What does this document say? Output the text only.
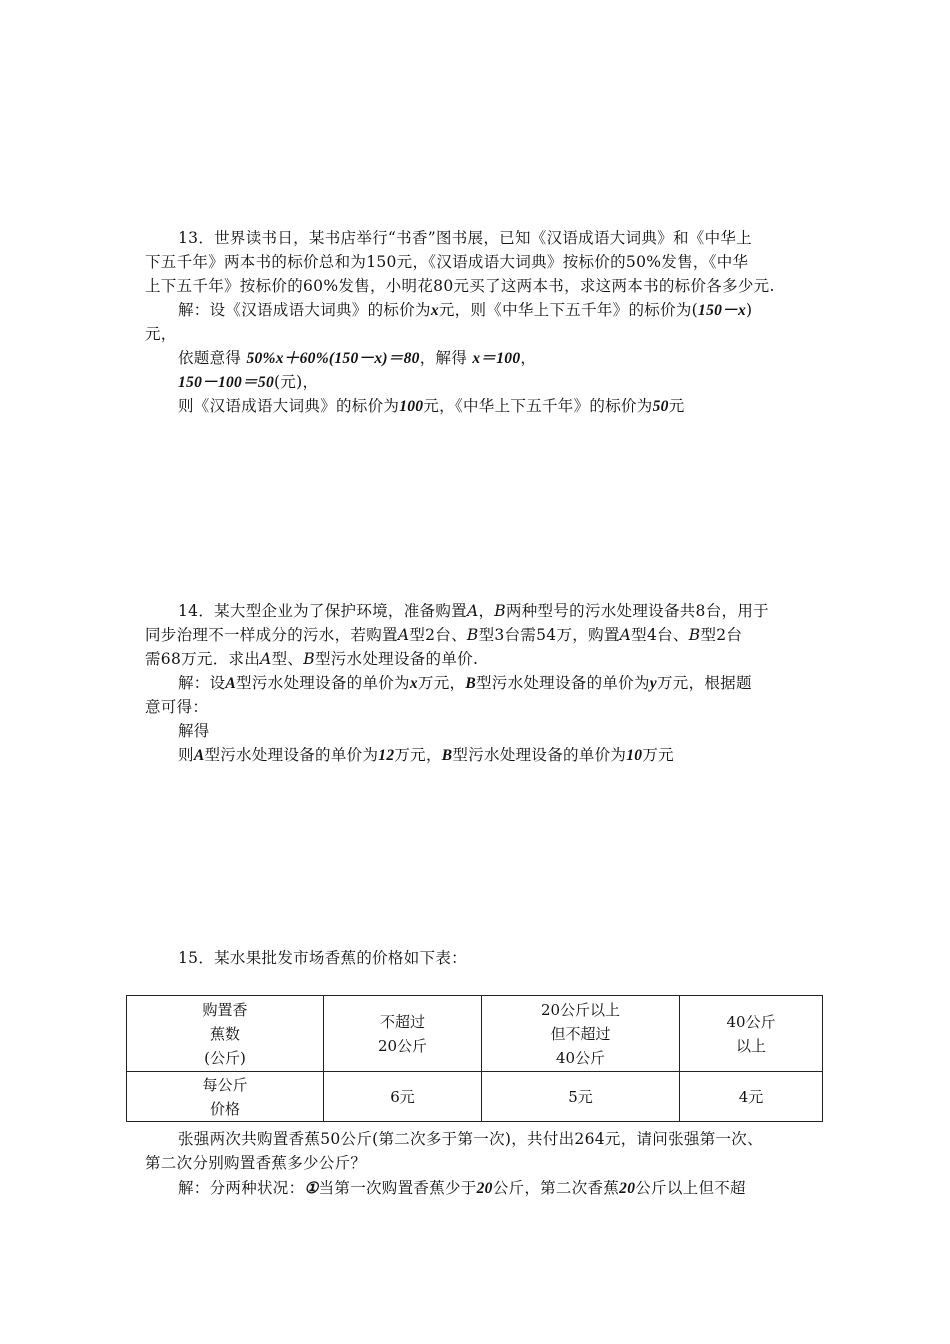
13．世界读书日，某书店举行“书香”图书展，已知《汉语成语大词典》和《中华上
下五千年》两本书的标价总和为150元，《汉语成语大词典》按标价的50%发售，《中华
上下五千年》按标价的60%发售，小明花80元买了这两本书，求这两本书的标价各多少元.
解：设《汉语成语大词典》的标价为x元，则《中华上下五千年》的标价为(150－x)
元，
依题意得 50%x＋60%(150－x)＝80，解得 x＝100，
150－100＝50(元)，
则《汉语成语大词典》的标价为100元，《中华上下五千年》的标价为50元
14．某大型企业为了保护环境，准备购置A，B两种型号的污水处理设备共8台，用于
同步治理不一样成分的污水，若购置A型2台、B型3台需54万，购置A型4台、B型2台
需68万元．求出A型、B型污水处理设备的单价.
解：设A型污水处理设备的单价为x万元，B型污水处理设备的单价为y万元，根据题
意可得：
解得
则A型污水处理设备的单价为12万元，B型污水处理设备的单价为10万元
15．某水果批发市场香蕉的价格如下表：
购置香
蕉数
(公斤)	不超过
20公斤	20公斤以上
但不超过
40公斤	40公斤
以上

每公斤
价格	6元	5元	4元
张强两次共购置香蕉50公斤(第二次多于第一次)，共付出264元，请问张强第一次、
第二次分别购置香蕉多少公斤？
解：分两种状况：①当第一次购置香蕉少于20公斤，第二次香蕉20公斤以上但不超
